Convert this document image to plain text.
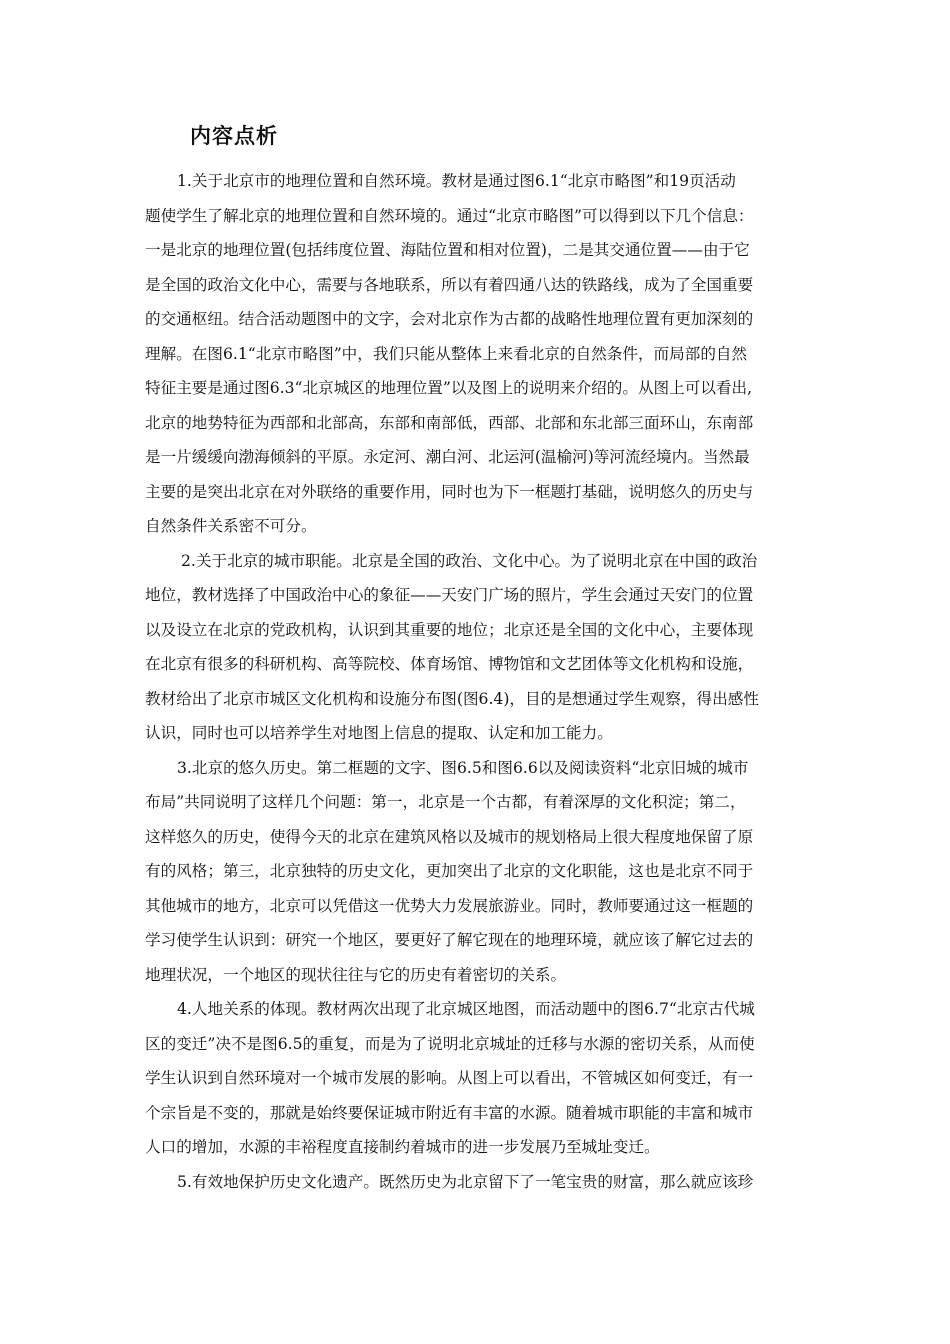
内容点析
1.关于北京市的地理位置和自然环境。教材是通过图6.1“北京市略图”和19页活动
题使学生了解北京的地理位置和自然环境的。通过“北京市略图”可以得到以下几个信息：
一是北京的地理位置(包括纬度位置、海陆位置和相对位置)，二是其交通位置——由于它
是全国的政治文化中心，需要与各地联系，所以有着四通八达的铁路线，成为了全国重要
的交通枢纽。结合活动题图中的文字，会对北京作为古都的战略性地理位置有更加深刻的
理解。在图6.1“北京市略图”中，我们只能从整体上来看北京的自然条件，而局部的自然
特征主要是通过图6.3“北京城区的地理位置”以及图上的说明来介绍的。从图上可以看出,
北京的地势特征为西部和北部高，东部和南部低，西部、北部和东北部三面环山，东南部
是一片缓缓向渤海倾斜的平原。永定河、潮白河、北运河(温榆河)等河流经境内。当然最
主要的是突出北京在对外联络的重要作用，同时也为下一框题打基础，说明悠久的历史与
自然条件关系密不可分。
2.关于北京的城市职能。北京是全国的政治、文化中心。为了说明北京在中国的政治
地位，教材选择了中国政治中心的象征——天安门广场的照片，学生会通过天安门的位置
以及设立在北京的党政机构，认识到其重要的地位；北京还是全国的文化中心，主要体现
在北京有很多的科研机构、高等院校、体育场馆、博物馆和文艺团体等文化机构和设施，
教材给出了北京市城区文化机构和设施分布图(图6.4)，目的是想通过学生观察，得出感性
认识，同时也可以培养学生对地图上信息的提取、认定和加工能力。
3.北京的悠久历史。第二框题的文字、图6.5和图6.6以及阅读资料“北京旧城的城市
布局”共同说明了这样几个问题：第一，北京是一个古都，有着深厚的文化积淀；第二，
这样悠久的历史，使得今天的北京在建筑风格以及城市的规划格局上很大程度地保留了原
有的风格；第三，北京独特的历史文化，更加突出了北京的文化职能，这也是北京不同于
其他城市的地方，北京可以凭借这一优势大力发展旅游业。同时，教师要通过这一框题的
学习使学生认识到：研究一个地区，要更好了解它现在的地理环境，就应该了解它过去的
地理状况，一个地区的现状往往与它的历史有着密切的关系。
4.人地关系的体现。教材两次出现了北京城区地图，而活动题中的图6.7“北京古代城
区的变迁”决不是图6.5的重复，而是为了说明北京城址的迁移与水源的密切关系，从而使
学生认识到自然环境对一个城市发展的影响。从图上可以看出，不管城区如何变迁，有一
个宗旨是不变的，那就是始终要保证城市附近有丰富的水源。随着城市职能的丰富和城市
人口的增加，水源的丰裕程度直接制约着城市的进一步发展乃至城址变迁。
5.有效地保护历史文化遗产。既然历史为北京留下了一笔宝贵的财富，那么就应该珍
